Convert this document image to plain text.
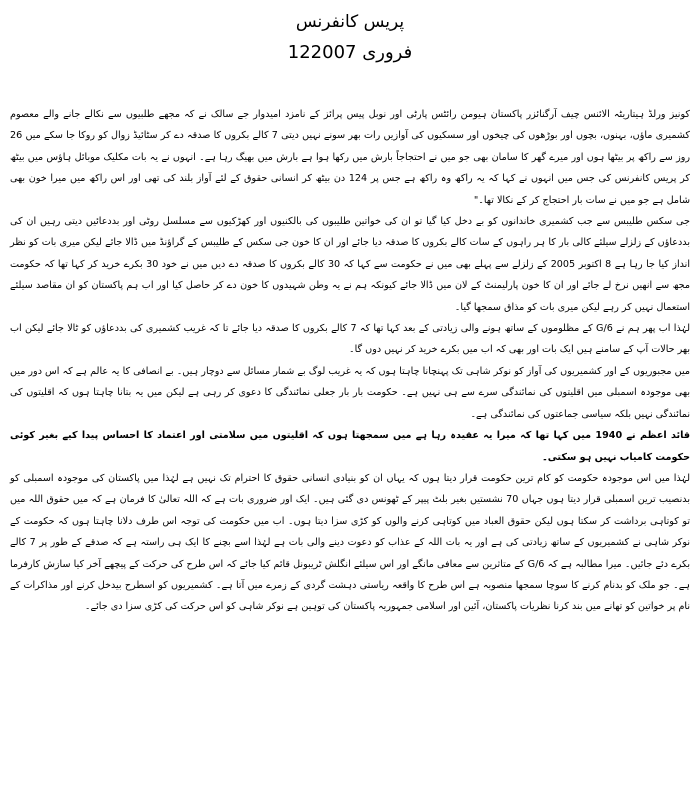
پریس کانفرنس

12فروری 2007

کونیز ورلڈ ہیتاریٹہ الائنس چیف آرگنائزر پاکستان ہیومن رائٹس پارٹی اور نوبل پیس پرائز کے نامزد امیدوار جے سالک نے کہ مجھے طلبیوں سے نکالے جانے والے معصوم کشمیری ماؤں، بہنوں، بچوں اور بوڑھوں کی چیخوں اور سسکیوں کی آوازیں رات بھر سونے نہیں دیتی 7 کالے بکروں کا صدقہ دے کر سٹائیڈ زوال کو روکا جا سکے میں 26 روز سے راکھ پر بیٹھا ہوں اور میرے گھر کا سامان بھی جو میں نے احتجاجاً بارش میں رکھا ہوا ہے بارش میں بھیگ رہا ہے۔ انہوں نے یہ بات مکلیک موبائل ہاؤس میں بیٹھ کر پریس کانفرنس کی جس میں انہوں نے کہا کہ یہ راکھ وہ راکھ ہے جس پر 124 دن بیٹھ کر انسانی حقوق کے لئے آواز بلند کی تھی اور اس راکھ میں میرا خون بھی شامل ہے جو میں نے سات بار احتجاج کر کے نکالا تھا۔"

جی سکس طلیبس سے جب کشمیری خاندانوں کو بے دخل کیا گیا تو ان کی خواتین طلیبوں کی بالکنیوں اور کھڑکیوں سے مسلسل روٹی اور بددعائیں دیتی رہیں ان کی بددعاؤں کے زلزلے سیلئے کالی بار کا ہر راہوں کے سات کالے بکروں کا صدقہ دیا جائے اور ان کا خون جی سکس کے طلیبس کے گراؤنڈ میں ڈالا جائے لیکن میری بات کو نظر انداز کیا جا رہا ہے 8 اکتوبر 2005 کے زلزلے سے پہلے بھی میں نے حکومت سے کہا کہ 30 کالے بکروں کا صدقہ دے دیں میں نے خود 30 بکرے خرید کر کہا تھا کہ حکومت مجھ سے انھیں نرخ لے جائے اور ان کا خون پارلیمنٹ کے لان میں ڈالا جائے کیونکہ ہم نے یہ وطن شہیدوں کا خون دے کر حاصل کیا اور اب ہم پاکستان کو ان مقاصد سیلئے استعمال نہیں کر رہے لیکن میری بات کو مذاق سمجھا گیا۔

لہٰذا اب پھر ہم نے G/6 کے مظلوموں کے ساتھ ہونے والی زیادتی کے بعد کہا تھا کہ 7 کالے بکروں کا صدقہ دیا جائے تا کہ غریب کشمیری کی بددعاؤں کو ٹالا جائے لیکن اب بھر حالات آپ کے سامنے ہیں ایک بات اور بھی کہ اب میں بکرے خرید کر نہیں دوں گا۔

میں مجبوریوں کے اور کشمیریوں کی آواز کو نوکر شاہی تک پہنچانا چاہتا ہوں کہ یہ غریب لوگ بے شمار مسائل سے دوچار ہیں۔ بے انصافی کا یہ عالم ہے کہ اس دور میں بھی موجودہ اسمبلی میں اقلیتوں کی نمائندگی سرے سے ہی نہیں ہے۔ حکومت بار بار جعلی نمائندگی کا دعوی کر رہی ہے لیکن میں یہ بتانا چاہتا ہوں کہ اقلیتوں کی نمائندگی نہیں بلکہ سیاسی جماعتوں کی نمائندگی ہے۔

قائد اعظم نے 1940 میں کہا تھا کہ میرا یہ عقیدہ رہا ہے میں سمجھتا ہوں کہ اقلیتوں میں سلامتی اور اعتماد کا احساس پیدا کیے بغیر کوئی حکومت کامیاب نہیں ہو سکتی۔

لہٰذا میں اس موجودہ حکومت کو کام ترین حکومت قرار دیتا ہوں کہ یہاں ان کو بنیادی انسانی حقوق کا احترام تک نہیں ہے لہٰذا میں پاکستان کی موجودہ اسمبلی کو بدنصیب ترین اسمبلی قرار دیتا ہوں جہاں 70 نشستیں بغیر بلٹ پیپر کے ٹھونس دی گئی ہیں۔ ایک اور ضروری بات ہے کہ اللہ تعالیٰ کا فرمان ہے کہ میں حقوق اللہ میں تو کوتاہی برداشت کر سکتا ہوں لیکن حقوق العباد میں کوتاہی کرنے والوں کو کڑی سزا دیتا ہوں۔ اب میں حکومت کی توجہ اس طرف دلانا چاہتا ہوں کہ حکومت کے نوکر شاہی نے کشمیریوں کے ساتھ زیادتی کی ہے اور یہ بات اللہ کے عذاب کو دعوت دینے والی بات ہے لہٰذا اسے بچنے کا ایک ہی راستہ ہے کہ صدقے کے طور پر 7 کالے بکرے دئے جائیں۔ میرا مطالبہ ہے کہ G/6 کے متاثرین سے معافی مانگے اور اس سیلئے انگلش ٹریبونل قائم کیا جائے کہ اس طرح کی حرکت کے پیچھے آخر کیا سازش کارفرما ہے۔ جو ملک کو بدنام کرنے کا سوچا سمجھا منصوبہ ہے اس طرح کا واقعہ ریاستی دہشت گردی کے زمرے میں آتا ہے۔ کشمیریوں کو اسطرح بیدخل کرنے اور مذاکرات کے نام پر خواتین کو تھانے میں بند کرنا نظریات پاکستان، آئین اور اسلامی جمہوریہ پاکستان کی توہین ہے نوکر شاہی کو اس حرکت کی کڑی سزا دی جائے۔
